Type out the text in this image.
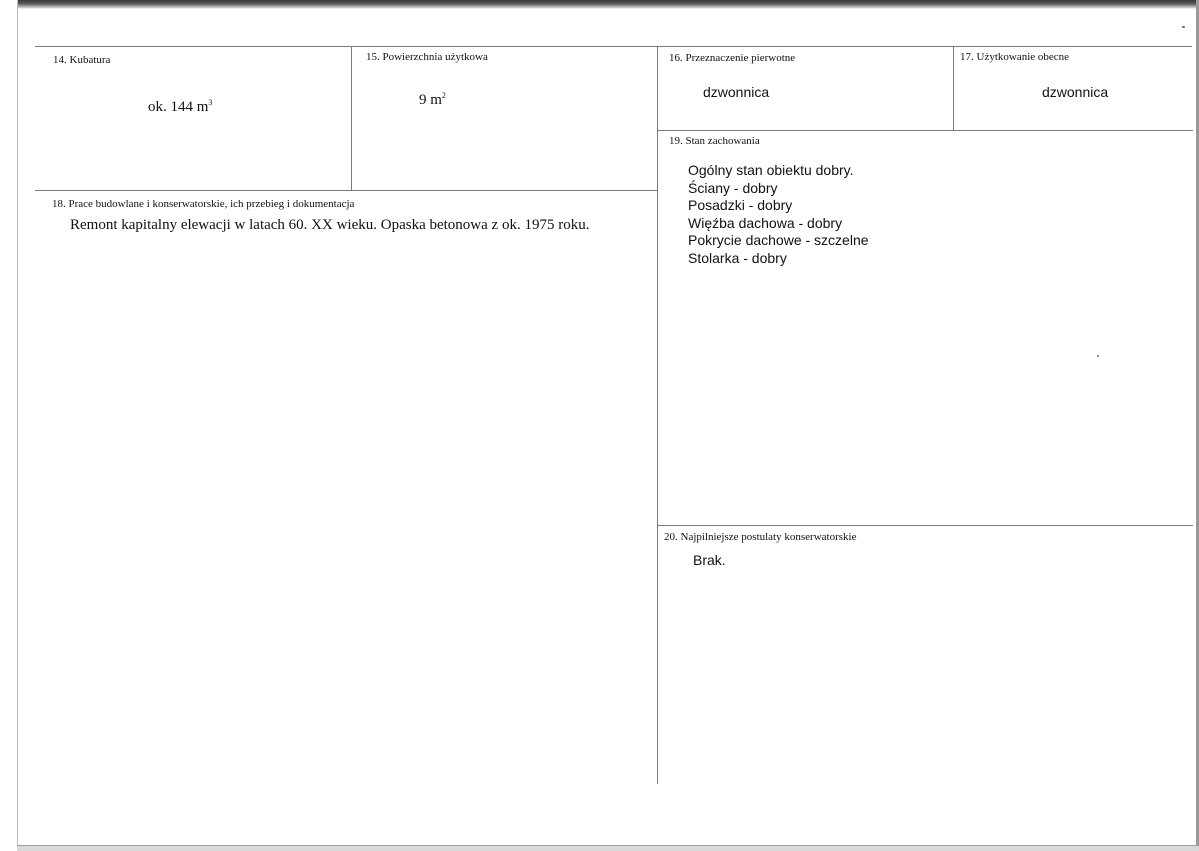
14. Kubatura
ok. 144 $m^3$
15. Powierzchnia użytkowa
9 $m^2$
16. Przeznaczenie pierwotne
dzwonnica
17. Użytkowanie obecne
dzwonnica
18. Prace budowlane i konserwatorskie, ich przebieg i dokumentacja
Remont kapitalny elewacji w latach 60. XX wieku. Opaska betonowa z ok. 1975 roku.
19. Stan zachowania
Ogólny stan obiektu dobry.
Ściany - dobry
Posadzki - dobry
Więźba dachowa - dobry
Pokrycie dachowe - szczelne
Stolarka - dobry
20. Najpilniejsze postulaty konserwatorskie
Brak.
